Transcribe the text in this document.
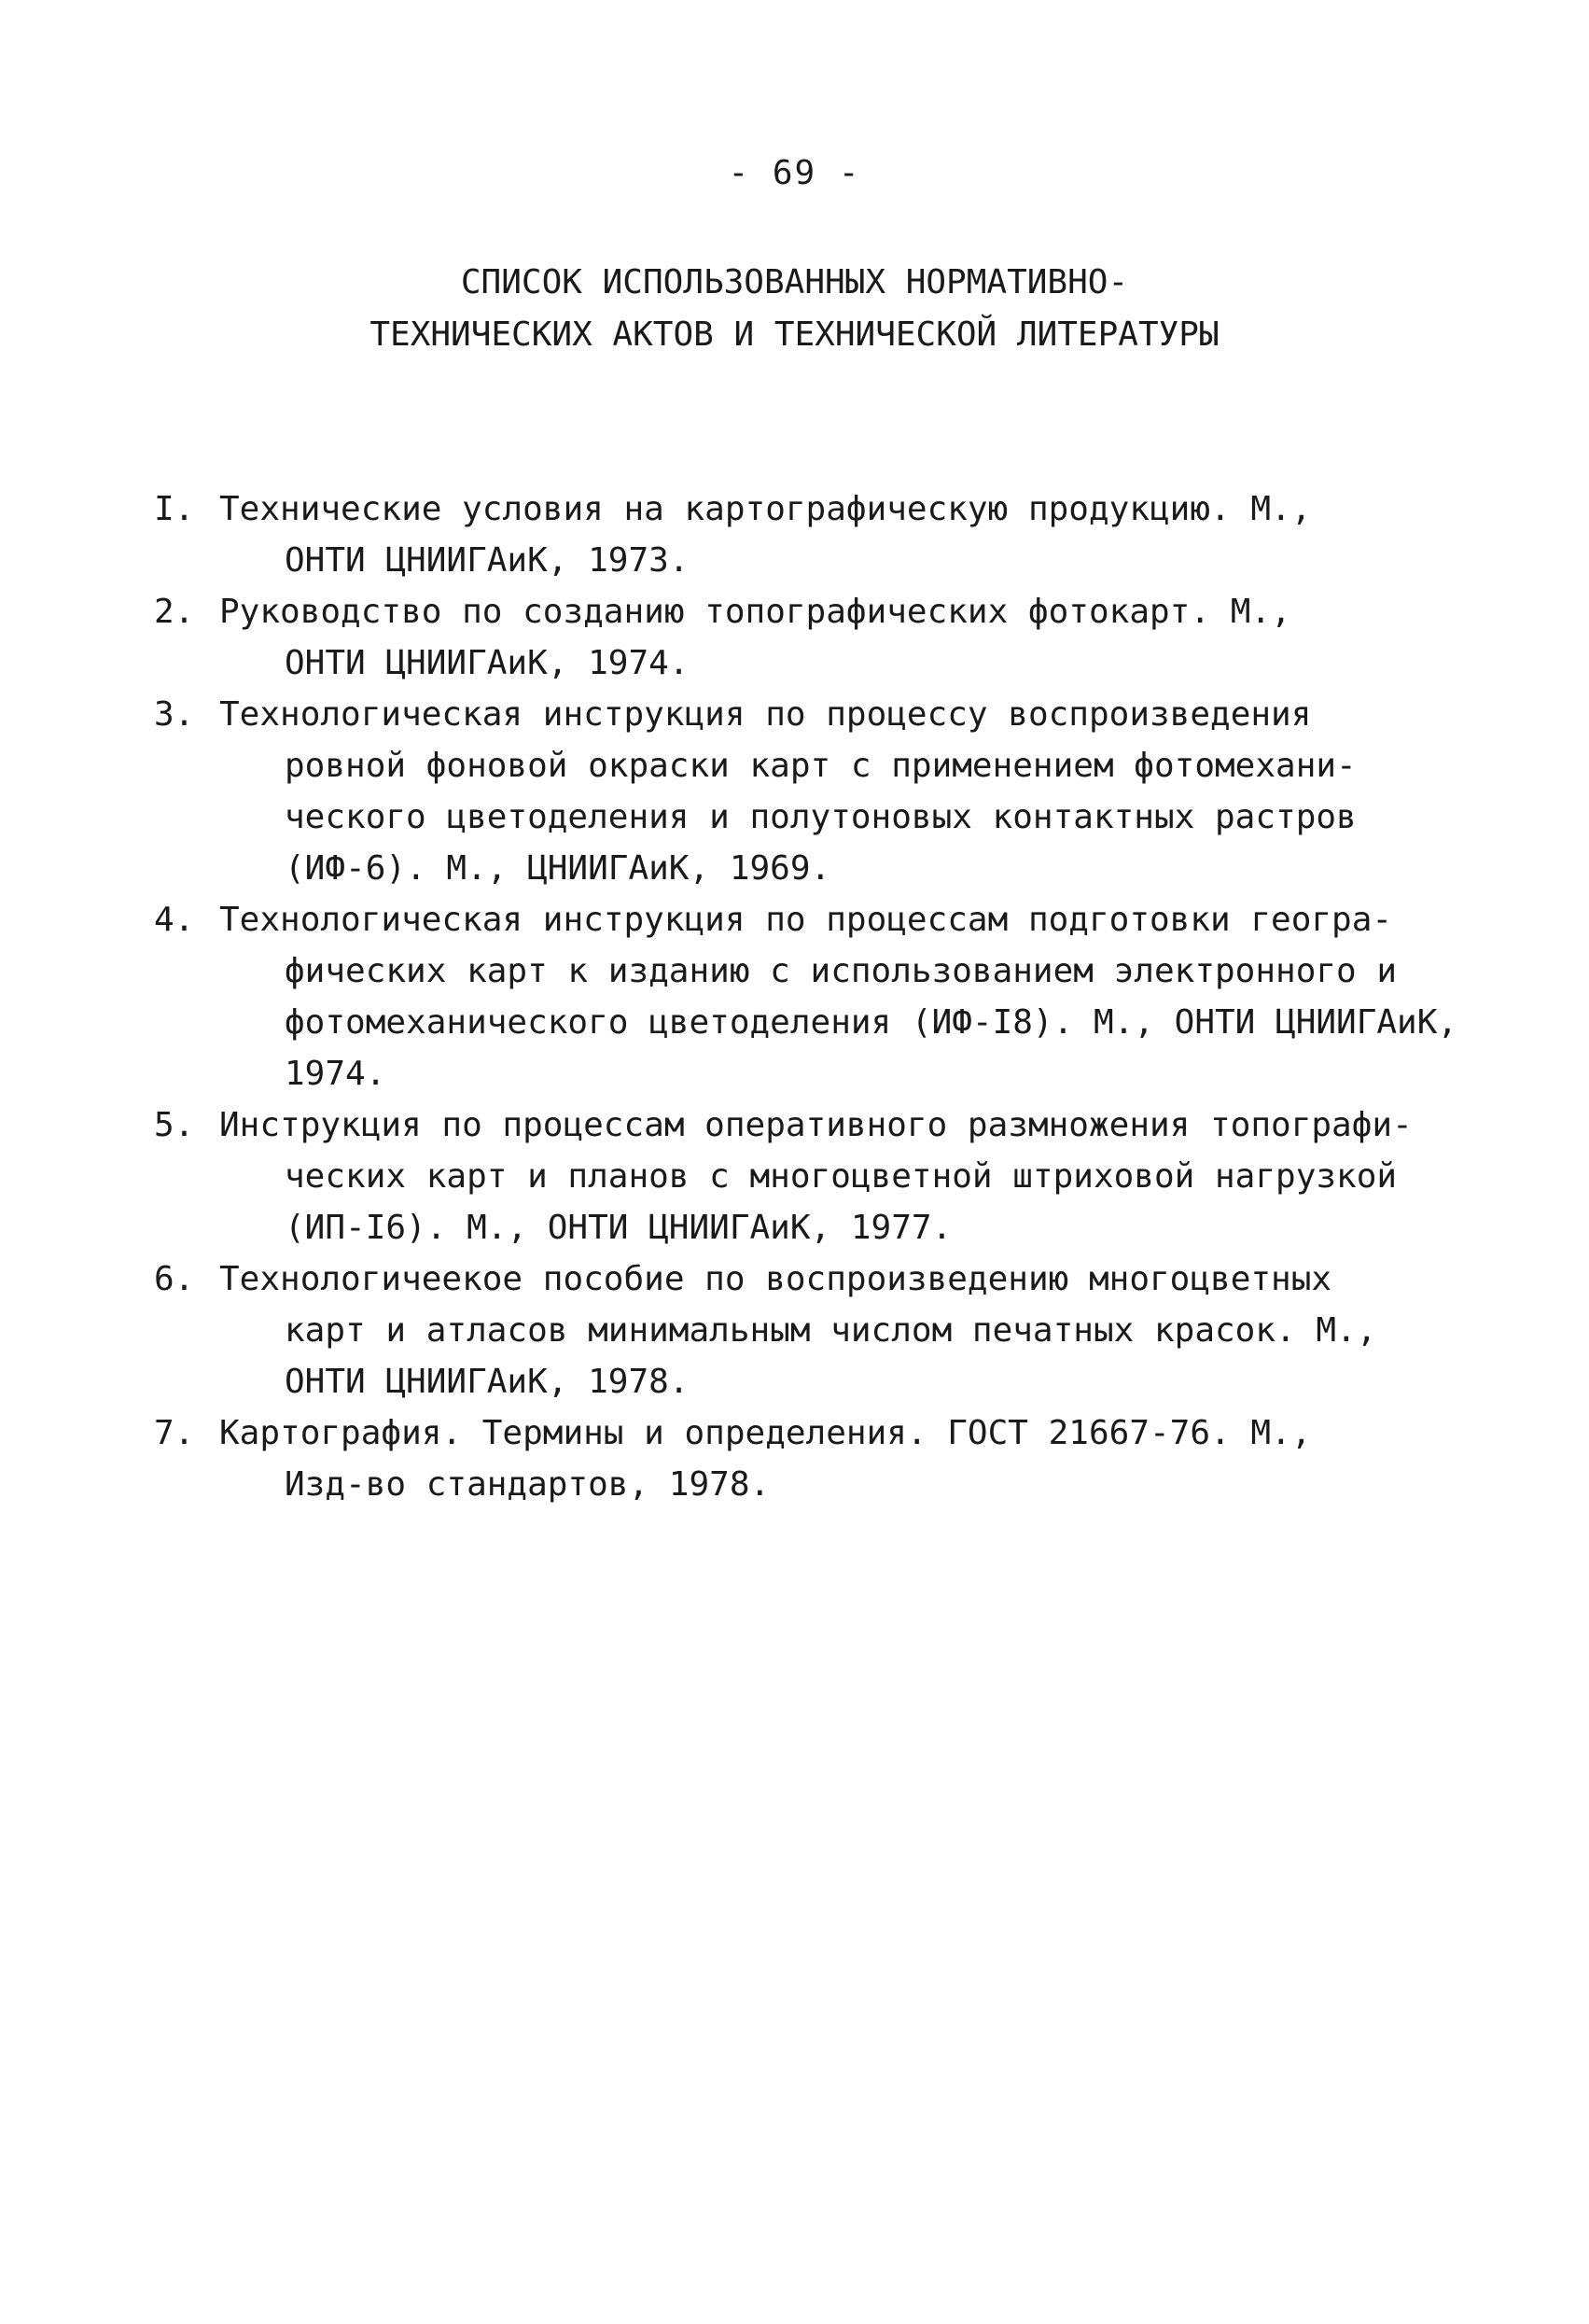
- 69 -
СПИСОК ИСПОЛЬЗОВАННЫХ НОРМАТИВНО-
ТЕХНИЧЕСКИХ АКТОВ И ТЕХНИЧЕСКОЙ ЛИТЕРАТУРЫ
I. Технические условия на картографическую продукцию. М.,
ОНТИ ЦНИИГАиК, 1973.
2. Руководство по созданию топографических фотокарт. М.,
ОНТИ ЦНИИГАиК, 1974.
3. Технологическая инструкция по процессу воспроизведения
ровной фоновой окраски карт с применением фотомехани-
ческого цветоделения и полутоновых контактных растров
(ИФ-6). М., ЦНИИГАиК, 1969.
4. Технологическая инструкция по процессам подготовки геогра-
фических карт к изданию с использованием электронного и
фотомеханического цветоделения (ИФ-I8). М., ОНТИ ЦНИИГАиК,
1974.
5. Инструкция по процессам оперативного размножения топографи-
ческих карт и планов с многоцветной штриховой нагрузкой
(ИП-I6). М., ОНТИ ЦНИИГАиК, 1977.
6. Технологичеекое пособие по воспроизведению многоцветных
карт и атласов минимальным числом печатных красок. М.,
ОНТИ ЦНИИГАиК, 1978.
7. Картография. Термины и определения. ГОСТ 21667-76. М.,
Изд-во стандартов, 1978.
